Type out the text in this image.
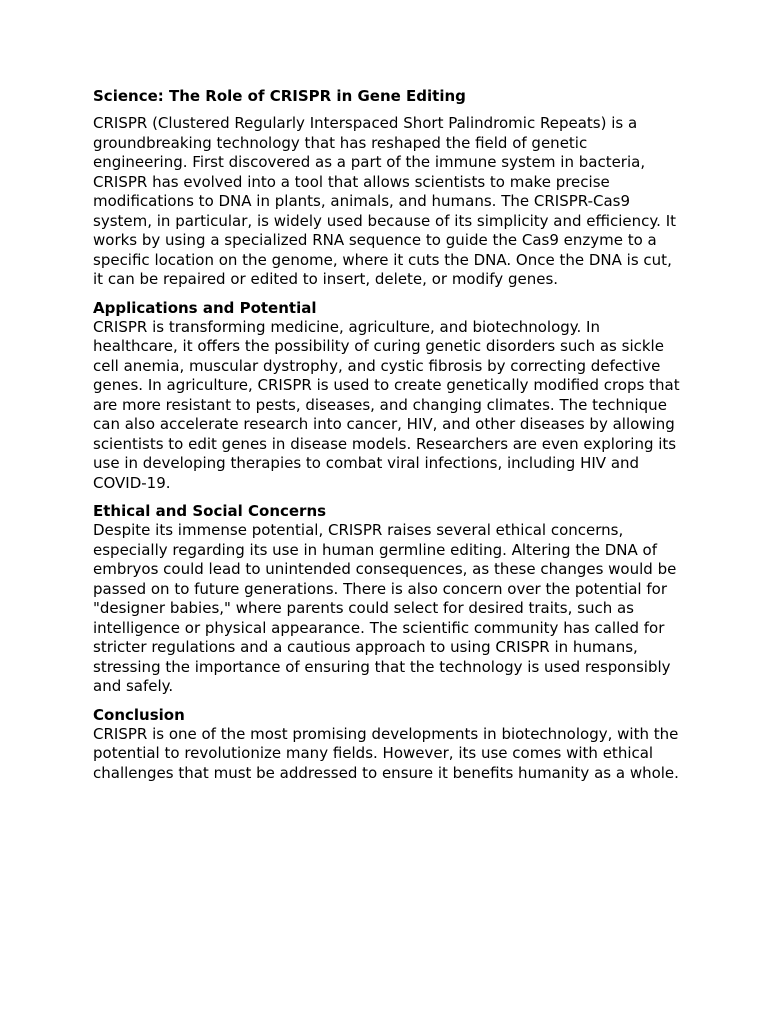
Science: The Role of CRISPR in Gene Editing

CRISPR (Clustered Regularly Interspaced Short Palindromic Repeats) is a groundbreaking technology that has reshaped the field of genetic engineering. First discovered as a part of the immune system in bacteria, CRISPR has evolved into a tool that allows scientists to make precise modifications to DNA in plants, animals, and humans. The CRISPR-Cas9 system, in particular, is widely used because of its simplicity and efficiency. It works by using a specialized RNA sequence to guide the Cas9 enzyme to a specific location on the genome, where it cuts the DNA. Once the DNA is cut, it can be repaired or edited to insert, delete, or modify genes.

Applications and Potential

CRISPR is transforming medicine, agriculture, and biotechnology. In healthcare, it offers the possibility of curing genetic disorders such as sickle cell anemia, muscular dystrophy, and cystic fibrosis by correcting defective genes. In agriculture, CRISPR is used to create genetically modified crops that are more resistant to pests, diseases, and changing climates. The technique can also accelerate research into cancer, HIV, and other diseases by allowing scientists to edit genes in disease models. Researchers are even exploring its use in developing therapies to combat viral infections, including HIV and COVID-19.

Ethical and Social Concerns

Despite its immense potential, CRISPR raises several ethical concerns, especially regarding its use in human germline editing. Altering the DNA of embryos could lead to unintended consequences, as these changes would be passed on to future generations. There is also concern over the potential for "designer babies," where parents could select for desired traits, such as intelligence or physical appearance. The scientific community has called for stricter regulations and a cautious approach to using CRISPR in humans, stressing the importance of ensuring that the technology is used responsibly and safely.

Conclusion

CRISPR is one of the most promising developments in biotechnology, with the potential to revolutionize many fields. However, its use comes with ethical challenges that must be addressed to ensure it benefits humanity as a whole.
